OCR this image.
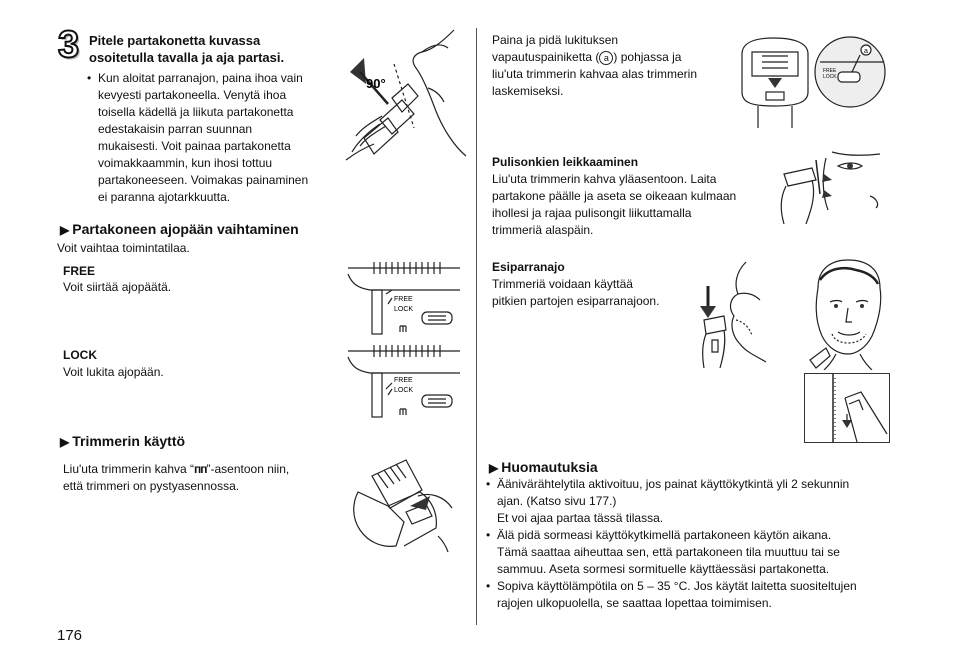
3 Pitele partakonetta kuvassa
osoitetulla tavalla ja aja partasi.
• Kun aloitat parranajon, paina ihoa vain
kevyesti partakoneella. Venytä ihoa
toisella kädellä ja liikuta partakonetta
edestakaisin parran suunnan
mukaisesti. Voit painaa partakonetta
voimakkaammin, kun ihosi tottuu
partakoneeseen. Voimakas painaminen
ei paranna ajotarkkuutta.
90°
▶ Partakoneen ajopään vaihtaminen
Voit vaihtaa toimintatilaa.
FREE
Voit siirtää ajopäätä.
LOCK
Voit lukita ajopään.
FREE
LOCK
FREE
LOCK
▶ Trimmerin käyttö
Liu'uta trimmerin kahva “ᴨᴨ”-asentoon niin,
että trimmeri on pystyasennossa.
176
Paina ja pidä lukituksen
vapautuspainiketta ( a ) pohjassa ja
liu'uta trimmerin kahvaa alas trimmerin
laskemiseksi.
FREE
LOCK
a
Pulisonkien leikkaaminen
Liu'uta trimmerin kahva yläasentoon. Laita
partakone päälle ja aseta se oikeaan kulmaan
ihollesi ja rajaa pulisongit liikuttamalla
trimmeriä alaspäin.
Esiparranajo
Trimmeriä voidaan käyttää
pitkien partojen esiparranajoon.
▶ Huomautuksia
• Äänivärähtelytila aktivoituu, jos painat käyttökytkintä yli 2 sekunnin
ajan. (Katso sivu 177.)
Et voi ajaa partaa tässä tilassa.
• Älä pidä sormeasi käyttökytkimellä partakoneen käytön aikana.
Tämä saattaa aiheuttaa sen, että partakoneen tila muuttuu tai se
sammuu. Aseta sormesi sormituelle käyttäessäsi partakonetta.
• Sopiva käyttölämpötila on 5 – 35 °C. Jos käytät laitetta suositeltujen
rajojen ulkopuolella, se saattaa lopettaa toimimisen.
